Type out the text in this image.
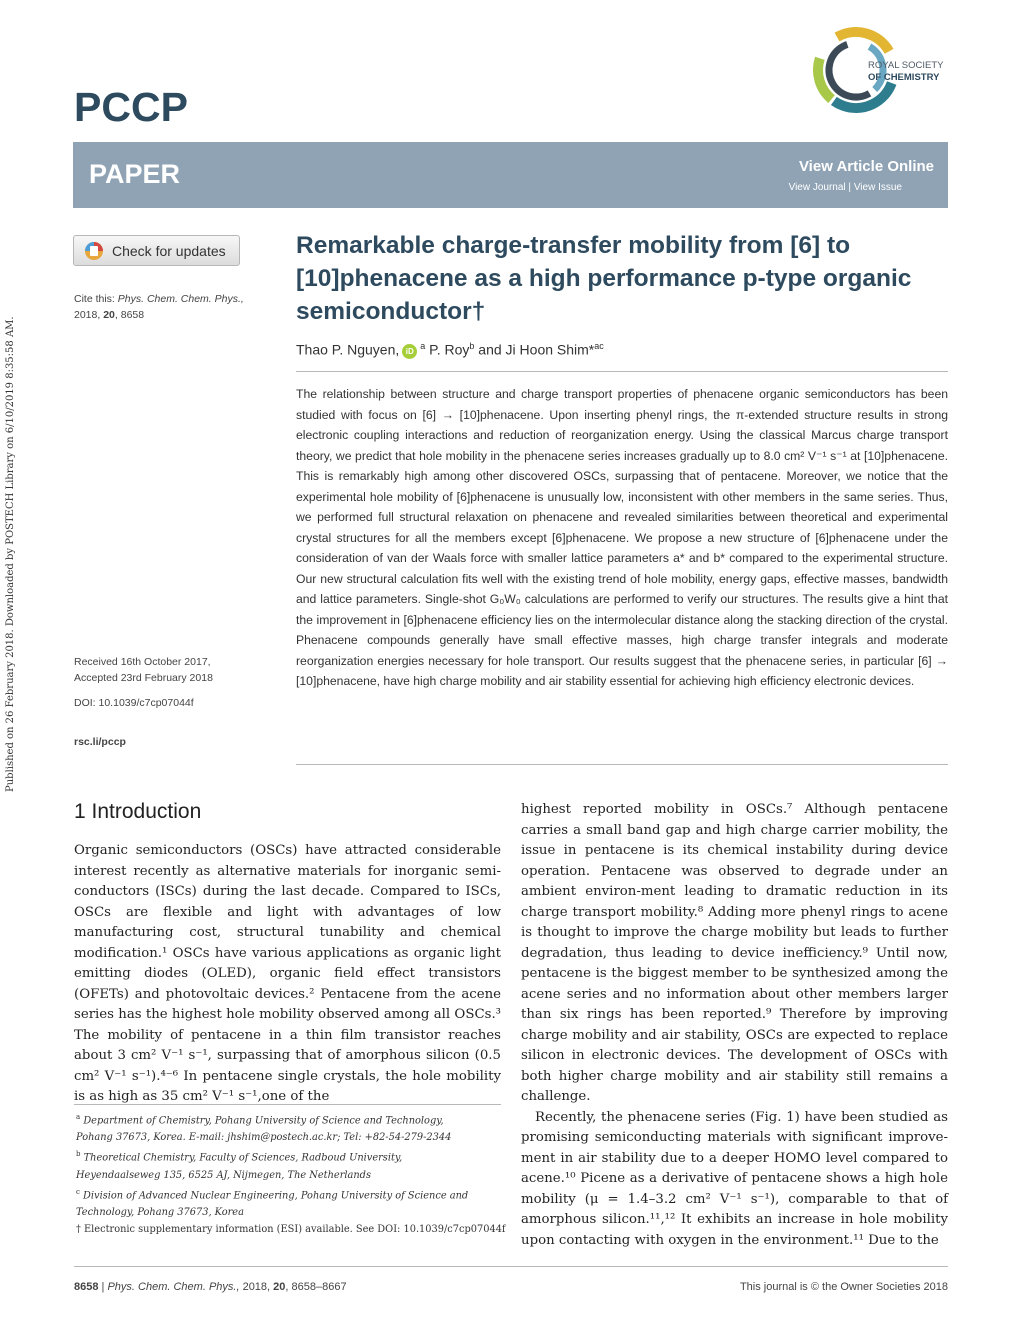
PCCP
ROYAL SOCIETY
OF CHEMISTRY
PAPER	View Article Online
View Journal | View Issue
Check for updates
Cite this: Phys. Chem. Chem. Phys.,
2018, 20, 8658
Received 16th October 2017,
Accepted 23rd February 2018
DOI: 10.1039/c7cp07044f
rsc.li/pccp
Remarkable charge-transfer mobility from [6] to [10]phenacene as a high performance p-type organic semiconductor†
Thao P. Nguyen, $iD^a$ P. Roy$^b$ and Ji Hoon Shim*$^{ac}$
The relationship between structure and charge transport properties of phenacene organic semiconductors has been studied with focus on [6] → [10]phenacene. Upon inserting phenyl rings, the π-extended structure results in strong electronic coupling interactions and reduction of reorganization energy. Using the classical Marcus charge transport theory, we predict that hole mobility in the phenacene series increases gradually up to 8.0 cm² V⁻¹ s⁻¹ at [10]phenacene. This is remarkably high among other discovered OSCs, surpassing that of pentacene. Moreover, we notice that the experimental hole mobility of [6]phenacene is unusually low, inconsistent with other members in the same series. Thus, we performed full structural relaxation on phenacene and revealed similarities between theoretical and experimental crystal structures for all the members except [6]phenacene. We propose a new structure of [6]phenacene under the consideration of van der Waals force with smaller lattice parameters a* and b* compared to the experimental structure. Our new structural calculation fits well with the existing trend of hole mobility, energy gaps, effective masses, bandwidth and lattice parameters. Single-shot G₀W₀ calculations are performed to verify our structures. The results give a hint that the improvement in [6]phenacene efficiency lies on the intermolecular distance along the stacking direction of the crystal. Phenacene compounds generally have small effective masses, high charge transfer integrals and moderate reorganization energies necessary for hole transport. Our results suggest that the phenacene series, in particular [6] → [10]phenacene, have high charge mobility and air stability essential for achieving high efficiency electronic devices.
Published on 26 February 2018. Downloaded by POSTECH Library on 6/10/2019 8:35:58 AM.
1 Introduction

Organic semiconductors (OSCs) have attracted considerable interest recently as alternative materials for inorganic semi-conductors (ISCs) during the last decade. Compared to ISCs, OSCs are flexible and light with advantages of low manufacturing cost, structural tunability and chemical modification.¹ OSCs have various applications as organic light emitting diodes (OLED), organic field effect transistors (OFETs) and photovoltaic devices.² Pentacene from the acene series has the highest hole mobility observed among all OSCs.³ The mobility of pentacene in a thin film transistor reaches about 3 cm² V⁻¹ s⁻¹, surpassing that of amorphous silicon (0.5 cm² V⁻¹ s⁻¹).⁴⁻⁶ In pentacene single crystals, the hole mobility is as high as 35 cm² V⁻¹ s⁻¹,one of the

highest reported mobility in OSCs.⁷ Although pentacene carries a small band gap and high charge carrier mobility, the issue in pentacene is its chemical instability during device operation. Pentacene was observed to degrade under an ambient environ-ment leading to dramatic reduction in its charge transport mobility.⁸ Adding more phenyl rings to acene is thought to improve the charge mobility but leads to further degradation, thus leading to device inefficiency.⁹ Until now, pentacene is the biggest member to be synthesized among the acene series and no information about other members larger than six rings has been reported.⁹ Therefore by improving charge mobility and air stability, OSCs are expected to replace silicon in electronic devices. The development of OSCs with both higher charge mobility and air stability still remains a challenge.

Recently, the phenacene series (Fig. 1) have been studied as promising semiconducting materials with significant improve-ment in air stability due to a deeper HOMO level compared to acene.¹⁰ Picene as a derivative of pentacene shows a high hole mobility (μ = 1.4–3.2 cm² V⁻¹ s⁻¹), comparable to that of amorphous silicon.¹¹,¹² It exhibits an increase in hole mobility upon contacting with oxygen in the environment.¹¹ Due to the

$^a$ Department of Chemistry, Pohang University of Science and Technology,
Pohang 37673, Korea. E-mail: jhshim@postech.ac.kr; Tel: +82-54-279-2344
$^b$ Theoretical Chemistry, Faculty of Sciences, Radboud University,
Heyendaalseweg 135, 6525 AJ, Nijmegen, The Netherlands
$^c$ Division of Advanced Nuclear Engineering, Pohang University of Science and
Technology, Pohang 37673, Korea
† Electronic supplementary information (ESI) available. See DOI: 10.1039/c7cp07044f
8658 | Phys. Chem. Chem. Phys., 2018, 20, 8658–8667	This journal is © the Owner Societies 2018
